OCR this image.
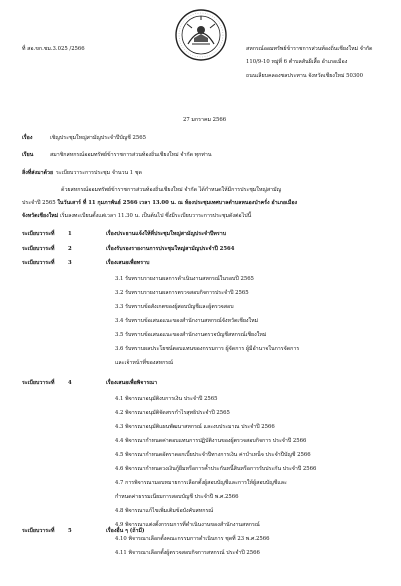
ที่ สอ.ขก.ชม.3.025 /2566	สหกรณ์ออมทรัพย์ข้าราชการส่วนท้องถิ่นเชียงใหม่ จำกัด
110/9-10 หมู่ที่ 6 ตำบลสันผีเสื้อ อำเภอเมือง
ถนนเลียบคลองชลประทาน จังหวัดเชียงใหม่ 50300
27 มกราคม 2566
เรื่อง	เชิญประชุมใหญ่สามัญประจำปีบัญชี 2565
เรียน	สมาชิกสหกรณ์ออมทรัพย์ข้าราชการส่วนท้องถิ่นเชียงใหม่ จำกัด ทุกท่าน
สิ่งที่ส่งมาด้วย ระเบียบวาระการประชุม จำนวน 1 ชุด
ด้วยสหกรณ์ออมทรัพย์ข้าราชการส่วนท้องถิ่นเชียงใหม่ จำกัด ได้กำหนดให้มีการประชุมใหญ่สามัญ
ประจำปี 2565 ในวันเสาร์ ที่ 11 กุมภาพันธ์ 2566 เวลา 13.00 น. ณ ห้องประชุมเทศบาลตำบลหนองป่าครั่ง อำเภอเมือง
จังหวัดเชียงใหม่ เริ่มลงทะเบียนตั้งแต่เวลา 11.30 น. เป็นต้นไป ซึ่งมีระเบียบวาระการประชุมดังต่อไปนี้
ระเบียบวาระที่	1	เรื่องประธานแจ้งให้ที่ประชุมใหญ่สามัญประจำปีทราบ
ระเบียบวาระที่	2	เรื่องรับรองรายงานการประชุมใหญ่สามัญประจำปี 2564
ระเบียบวาระที่	3	เรื่องเสนอเพื่อทราบ
3.1 รับทราบรายงานผลการดำเนินงานสหกรณ์ในรอบปี 2565
3.2 รับทราบรายงานผลการตรวจสอบกิจการประจำปี 2565
3.3 รับทราบข้อสังเกตของผู้สอบบัญชีและผู้ตรวจสอบ
3.4 รับทราบข้อเสนอแนะของสำนักงานสหกรณ์จังหวัดเชียงใหม่
3.5 รับทราบข้อเสนอแนะของสำนักงานตรวจบัญชีสหกรณ์เชียงใหม่
3.6 รับทราบผลประโยชน์ตอบแทนของกรรมการ ผู้จัดการ ผู้มีอำนาจในการจัดการ
และเจ้าหน้าที่ของสหกรณ์
ระเบียบวาระที่	4	เรื่องเสนอเพื่อพิจารณา
4.1 พิจารณาอนุมัติงบการเงิน ประจำปี 2565
4.2 พิจารณาอนุมัติจัดสรรกำไรสุทธิประจำปี 2565
4.3 พิจารณาอนุมัติแผนพัฒนาสหกรณ์ และงบประมาณ ประจำปี 2566
4.4 พิจารณากำหนดค่าตอบแทนการปฏิบัติงานของผู้ตรวจสอบกิจการ ประจำปี 2566
4.5 พิจารณากำหนดอัตราดอกเบี้ยประจำปีทางการเงิน ค่าบำเหน็จ ประจำปีบัญชี 2566
4.6 พิจารณากำหนดวงเงินกู้ยืมหรือการค้ำประกันหนี้สินหรือการรับประกัน ประจำปี 2566
4.7 การพิจารณามอบหมายการเลือกตั้งผู้สอบบัญชีและการให้ผู้สอบบัญชีและ
กำหนดค่าธรรมเนียมการสอบบัญชี ประจำปี พ.ศ.2566
4.8 พิจารณาแก้ไขเพิ่มเติมข้อบังคับสหกรณ์
4.9 พิจารณาแต่งตั้งกรรมการที่ดำเนินงานของสำนักงานสหกรณ์
4.10 พิจารณาเลือกตั้งคณะกรรมการดำเนินการ ชุดที่ 23 พ.ศ.2566
4.11 พิจารณาเลือกตั้งผู้ตรวจสอบกิจการสหกรณ์ ประจำปี 2566
ระเบียบวาระที่	5	เรื่องอื่น ๆ (ถ้ามี)
